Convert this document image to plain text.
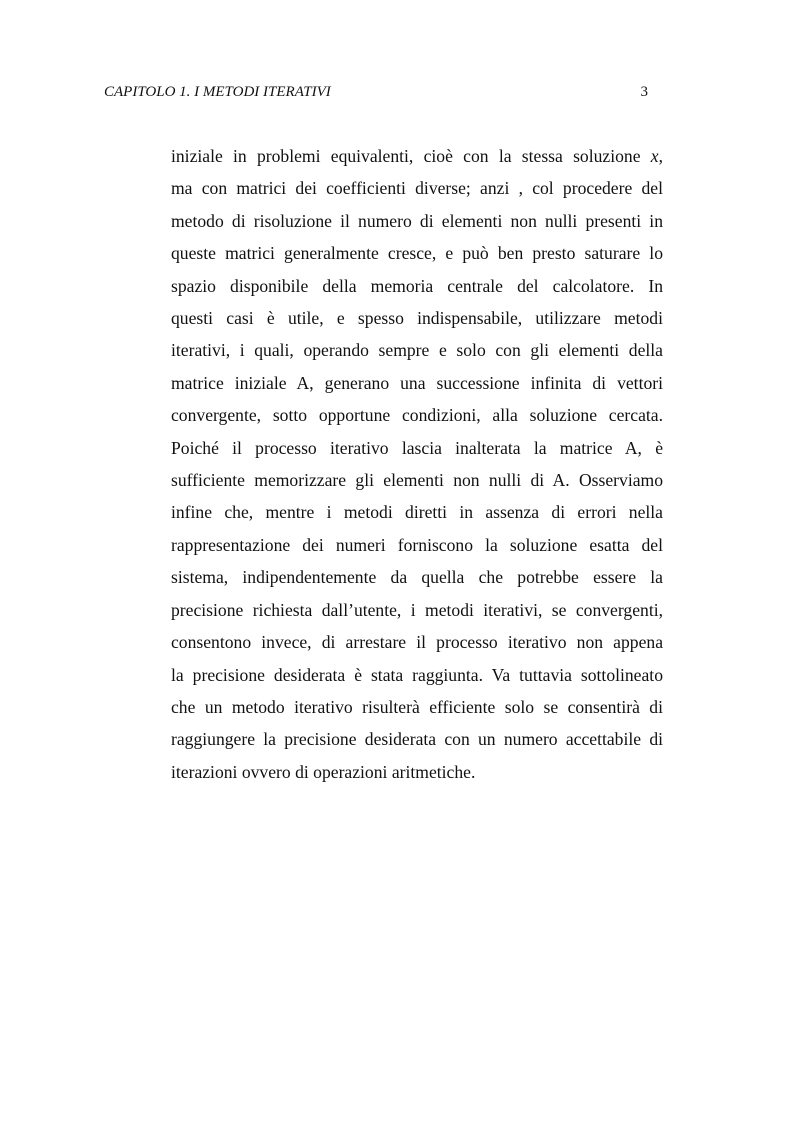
CAPITOLO 1. I METODI ITERATIVI	3

iniziale in problemi equivalenti, cioè con la stessa soluzione x,
ma con matrici dei coefficienti diverse; anzi , col procedere del
metodo di risoluzione il numero di elementi non nulli presenti in
queste matrici generalmente cresce, e può ben presto saturare lo
spazio disponibile della memoria centrale del calcolatore. In
questi casi è utile, e spesso indispensabile, utilizzare metodi
iterativi, i quali, operando sempre e solo con gli elementi della
matrice iniziale A, generano una successione infinita di vettori
convergente, sotto opportune condizioni, alla soluzione cercata.
Poiché il processo iterativo lascia inalterata la matrice A, è
sufficiente memorizzare gli elementi non nulli di A. Osserviamo
infine che, mentre i metodi diretti in assenza di errori nella
rappresentazione dei numeri forniscono la soluzione esatta del
sistema, indipendentemente da quella che potrebbe essere la
precisione richiesta dall’utente, i metodi iterativi, se convergenti,
consentono invece, di arrestare il processo iterativo non appena
la precisione desiderata è stata raggiunta. Va tuttavia sottolineato
che un metodo iterativo risulterà efficiente solo se consentirà di
raggiungere la precisione desiderata con un numero accettabile di
iterazioni ovvero di operazioni aritmetiche.
